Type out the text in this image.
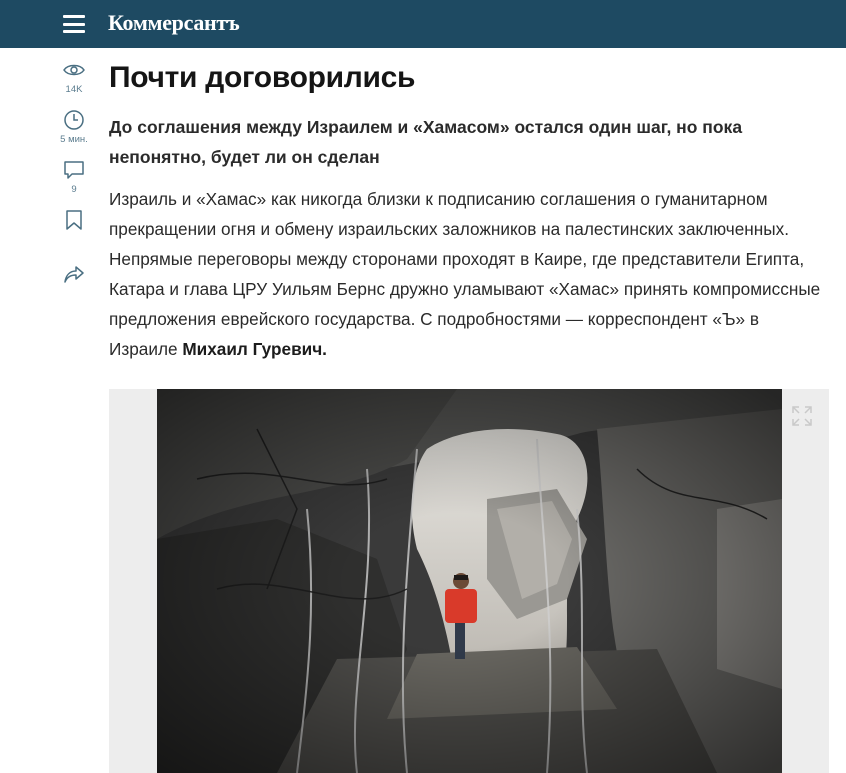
Коммерсантъ
14K
5 мин.
9
Почти договорились

До соглашения между Израилем и «Хамасом» остался один шаг, но пока непонятно, будет ли он сделан

Израиль и «Хамас» как никогда близки к подписанию соглашения о гуманитарном прекращении огня и обмену израильских заложников на палестинских заключенных. Непрямые переговоры между сторонами проходят в Каире, где представители Египта, Катара и глава ЦРУ Уильям Бернс дружно уламывают «Хамас» принять компромиссные предложения еврейского государства. С подробностями — корреспондент «Ъ» в Израиле Михаил Гуревич.
